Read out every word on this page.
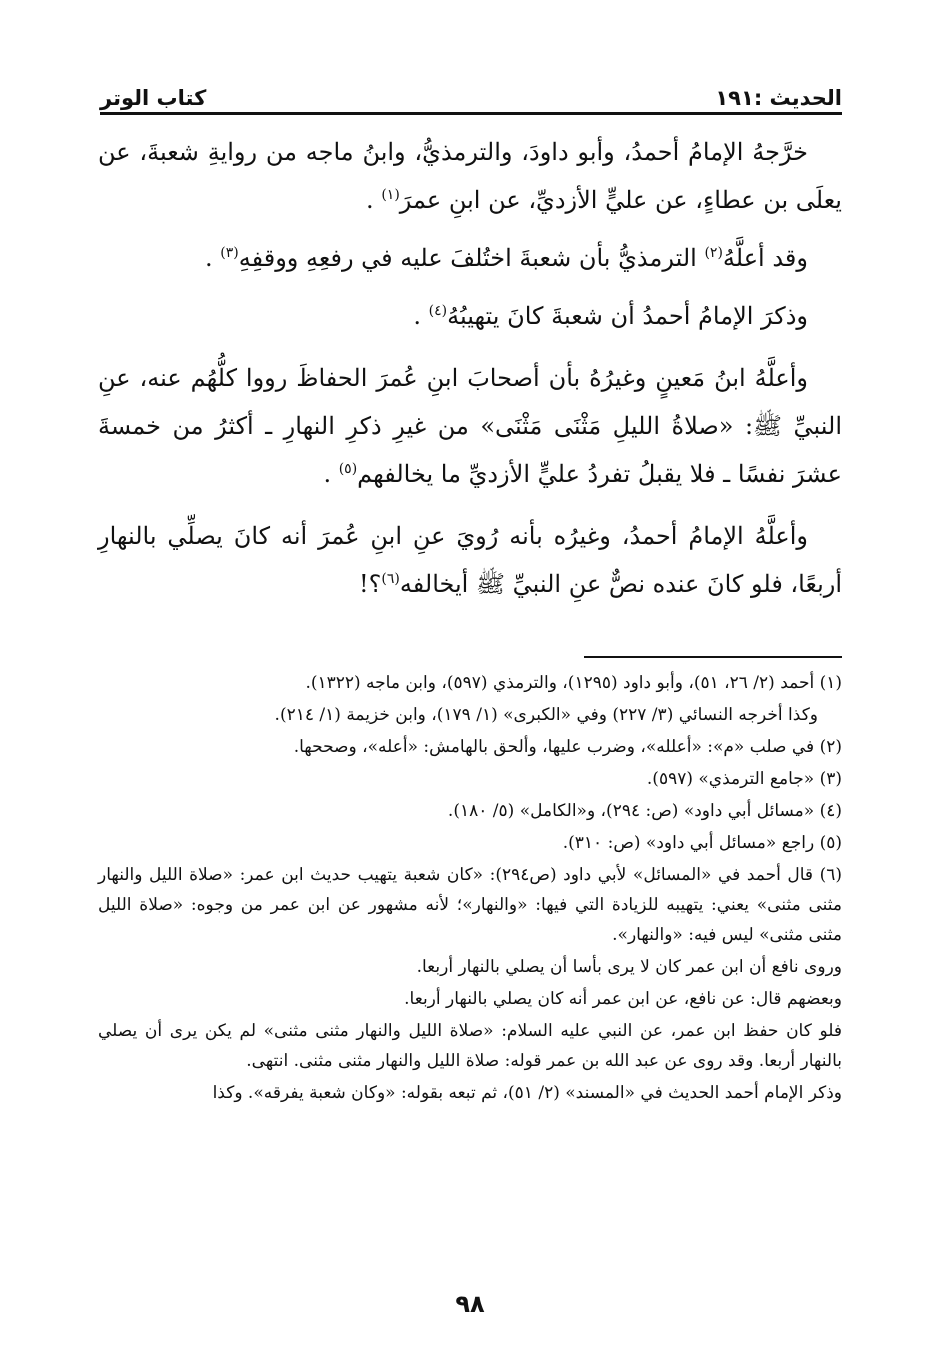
الحديث :١٩١
كتاب الوتر

خرَّجهُ الإمامُ أحمدُ، وأبو داودَ، والترمذيُّ، وابنُ ماجه من روايةِ شعبةَ، عن يعلَى بن عطاءٍ، عن عليٍّ الأزديِّ، عن ابنِ عمرَ$^{(١)}$ .

وقد أعلَّهُ$^{(٢)}$ الترمذيُّ بأن شعبةَ اختُلفَ عليه في رفعِهِ ووقفِهِ$^{(٣)}$ .

وذكرَ الإمامُ أحمدُ أن شعبةَ كانَ يتهيبُهُ$^{(٤)}$ .

وأعلَّهُ ابنُ مَعينٍ وغيرُهُ بأن أصحابَ ابنِ عُمرَ الحفاظَ رووا كلُّهُم عنه، عنِ النبيِّ ﷺ: «صلاةُ الليلِ مَثْنَى مَثْنَى» من غيرِ ذكرِ النهارِ ـ أكثرُ من خمسةَ عشرَ نفسًا ـ فلا يقبلُ تفردُ عليٍّ الأزديِّ ما يخالفهم$^{(٥)}$ .

وأعلَّهُ الإمامُ أحمدُ، وغيرُه بأنه رُويَ عنِ ابنِ عُمرَ أنه كانَ يصلِّي بالنهارِ أربعًا، فلو كانَ عنده نصٌّ عنِ النبيِّ ﷺ أيخالفه$^{(٦)}$؟!

(١) أحمد (٢/ ٢٦، ٥١)، وأبو داود (١٢٩٥)، والترمذي (٥٩٧)، وابن ماجه (١٣٢٢).

وكذا أخرجه النسائي (٣/ ٢٢٧) وفي «الكبرى» (١/ ١٧٩)، وابن خزيمة (١/ ٢١٤).

(٢) في صلب «م»: «أعلله»، وضرب عليها، وألحق بالهامش: «أعله»، وصححها.

(٣) «جامع الترمذي» (٥٩٧).

(٤) «مسائل أبي داود» (ص: ٢٩٤)، و«الكامل» (٥/ ١٨٠).

(٥) راجع «مسائل أبي داود» (ص: ٣١٠).

(٦) قال أحمد في «المسائل» لأبي داود (ص٢٩٤): «كان شعبة يتهيب حديث ابن عمر: «صلاة الليل والنهار مثنى مثنى» يعني: يتهيبه للزيادة التي فيها: «والنهار»؛ لأنه مشهور عن ابن عمر من وجوه: «صلاة الليل مثنى مثنى» ليس فيه: «والنهار».

وروى نافع أن ابن عمر كان لا يرى بأسا أن يصلي بالنهار أربعا.

وبعضهم قال: عن نافع، عن ابن عمر أنه كان يصلي بالنهار أربعا.

فلو كان حفظ ابن عمر، عن النبي عليه السلام: «صلاة الليل والنهار مثنى مثنى» لم يكن يرى أن يصلي بالنهار أربعا. وقد روى عن عبد الله بن عمر قوله: صلاة الليل والنهار مثنى مثنى. انتهى.

وذكر الإمام أحمد الحديث في «المسند» (٢/ ٥١)، ثم تبعه بقوله: «وكان شعبة يفرقه». وكذا

٩٨
